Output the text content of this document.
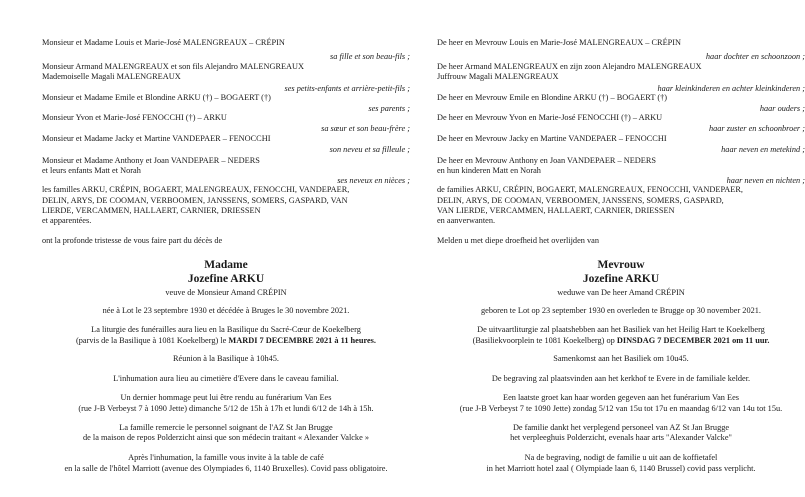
Monsieur et Madame Louis et Marie-José MALENGREAUX – CRÉPIN
sa fille et son beau-fils ;
Monsieur Armand MALENGREAUX et son fils Alejandro MALENGREAUX
Mademoiselle Magali MALENGREAUX
ses petits-enfants et arrière-petit-fils ;
Monsieur et Madame Emile et Blondine ARKU (†) – BOGAERT (†)
ses parents ;
Monsieur Yvon et Marie-José FENOCCHI (†) – ARKU
sa sœur et son beau-frère ;
Monsieur et Madame Jacky et Martine VANDEPAER – FENOCCHI
son neveu et sa filleule ;
Monsieur et Madame Anthony et Joan VANDEPAER – NEDERS
et leurs enfants Matt et Norah
ses neveux en nièces ;
les familles ARKU, CRÉPIN, BOGAERT, MALENGREAUX, FENOCCHI, VANDEPAER,
DELIN, ARYS, DE COOMAN, VERBOOMEN, JANSSENS, SOMERS, GASPARD, VAN
LIERDE, VERCAMMEN, HALLAERT, CARNIER, DRIESSEN
et apparentées.
ont la profonde tristesse de vous faire part du décès de
Madame
Jozefine ARKU
veuve de Monsieur Amand CRÉPIN
née à Lot le 23 septembre 1930 et décédée à Bruges le 30 novembre 2021.
La liturgie des funérailles aura lieu en la Basilique du Sacré-Cœur de Koekelberg
(parvis de la Basilique à 1081 Koekelberg) le MARDI 7 DECEMBRE 2021 à 11 heures.
Réunion à la Basilique à 10h45.
L'inhumation aura lieu au cimetière d'Evere dans le caveau familial.
Un dernier hommage peut lui être rendu au funérarium Van Ees
(rue J-B Verbeyst 7 à 1090 Jette) dimanche 5/12 de 15h à 17h et lundi 6/12 de 14h à 15h.
La famille remercie le personnel soignant de l'AZ St Jan Brugge
de la maison de repos Polderzicht ainsi que son médecin traitant « Alexander Valcke »
Après l'inhumation, la famille vous invite à la table de café
en la salle de l'hôtel Marriott (avenue des Olympiades 6, 1140 Bruxelles). Covid pass obligatoire.
De heer en Mevrouw Louis en Marie-José MALENGREAUX – CRÉPIN
haar dochter en schoonzoon ;
De heer Armand MALENGREAUX en zijn zoon Alejandro MALENGREAUX
Juffrouw Magali MALENGREAUX
haar kleinkinderen en achter kleinkinderen ;
De heer en Mevrouw Emile en Blondine ARKU (†) – BOGAERT (†)
haar ouders ;
De heer en Mevrouw Yvon en Marie-José FENOCCHI (†) – ARKU
haar zuster en schoonbroer ;
De heer en Mevrouw Jacky en Martine VANDEPAER – FENOCCHI
haar neven en metekind ;
De heer en Mevrouw Anthony en Joan VANDEPAER – NEDERS
en hun kinderen Matt en Norah
haar neven en nichten ;
de families ARKU, CRÉPIN, BOGAERT, MALENGREAUX, FENOCCHI, VANDEPAER,
DELIN, ARYS, DE COOMAN, VERBOOMEN, JANSSENS, SOMERS, GASPARD,
VAN LIERDE, VERCAMMEN, HALLAERT, CARNIER, DRIESSEN
en aanverwanten.
Melden u met diepe droefheid het overlijden van
Mevrouw
Jozefine ARKU
weduwe van De heer Amand CRÉPIN
geboren te Lot op 23 september 1930 en overleden te Brugge op 30 november 2021.
De uitvaartliturgie zal plaatshebben aan het Basiliek van het Heilig Hart te Koekelberg
(Basiliekvoorplein te 1081 Koekelberg) op DINSDAG 7 DECEMBER 2021 om 11 uur.
Samenkomst aan het Basiliek om 10u45.
De begraving zal plaatsvinden aan het kerkhof te Evere in de familiale kelder.
Een laatste groet kan haar worden gegeven aan het funérarium Van Ees
(rue J-B Verbeyst 7 te 1090 Jette) zondag 5/12 van 15u tot 17u en maandag 6/12 van 14u tot 15u.
De familie dankt het verplegend personeel van AZ St Jan Brugge
het verpleeghuis Polderzicht, evenals haar arts "Alexander Valcke"
Na de begraving, nodigt de familie u uit aan de koffietafel
in het Marriott hotel zaal ( Olympiade laan 6, 1140 Brussel) covid pass verplicht.
